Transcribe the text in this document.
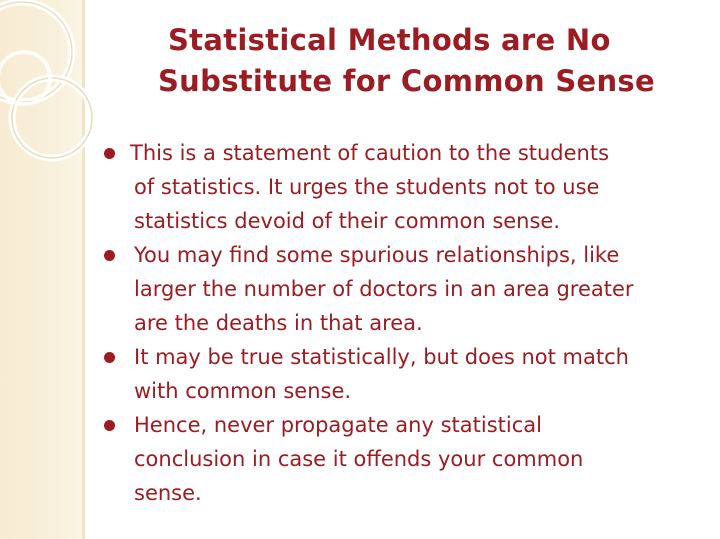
Statistical Methods are No
Substitute for Common Sense
This is a statement of caution to the students
of statistics. It urges the students not to use
statistics devoid of their common sense.
You may find some spurious relationships, like
larger the number of doctors in an area greater
are the deaths in that area.
It may be true statistically, but does not match
with common sense.
Hence, never propagate any statistical
conclusion in case it offends your common
sense.
